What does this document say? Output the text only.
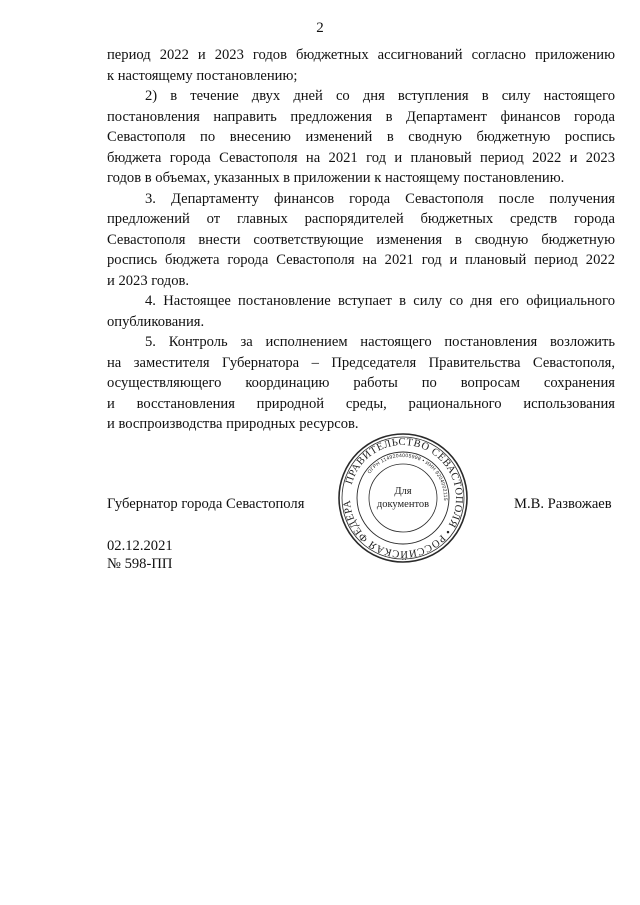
2
период 2022 и 2023 годов бюджетных ассигнований согласно приложению
к настоящему постановлению;
2) в течение двух дней со дня вступления в силу настоящего
постановления направить предложения в Департамент финансов города
Севастополя по внесению изменений в сводную бюджетную роспись
бюджета города Севастополя на 2021 год и плановый период 2022 и 2023
годов в объемах, указанных в приложении к настоящему постановлению.
3. Департаменту финансов города Севастополя после получения
предложений от главных распорядителей бюджетных средств города
Севастополя внести соответствующие изменения в сводную бюджетную
роспись бюджета города Севастополя на 2021 год и плановый период 2022
и 2023 годов.
4. Настоящее постановление вступает в силу со дня его официального
опубликования.
5. Контроль за исполнением настоящего постановления возложить
на заместителя Губернатора – Председателя Правительства Севастополя,
осуществляющего координацию работы по вопросам сохранения
и восстановления природной среды, рационального использования
и воспроизводства природных ресурсов.
Губернатор города Севастополя	М.В. Развожаев
ПРАВИТЕЛЬСТВО СЕВАСТОПОЛЯ • РОССИЙСКАЯ ФЕДЕРА
ОГРН 1149204005998 • ИНН 9204002115
Для
документов
02.12.2021
№ 598-ПП
